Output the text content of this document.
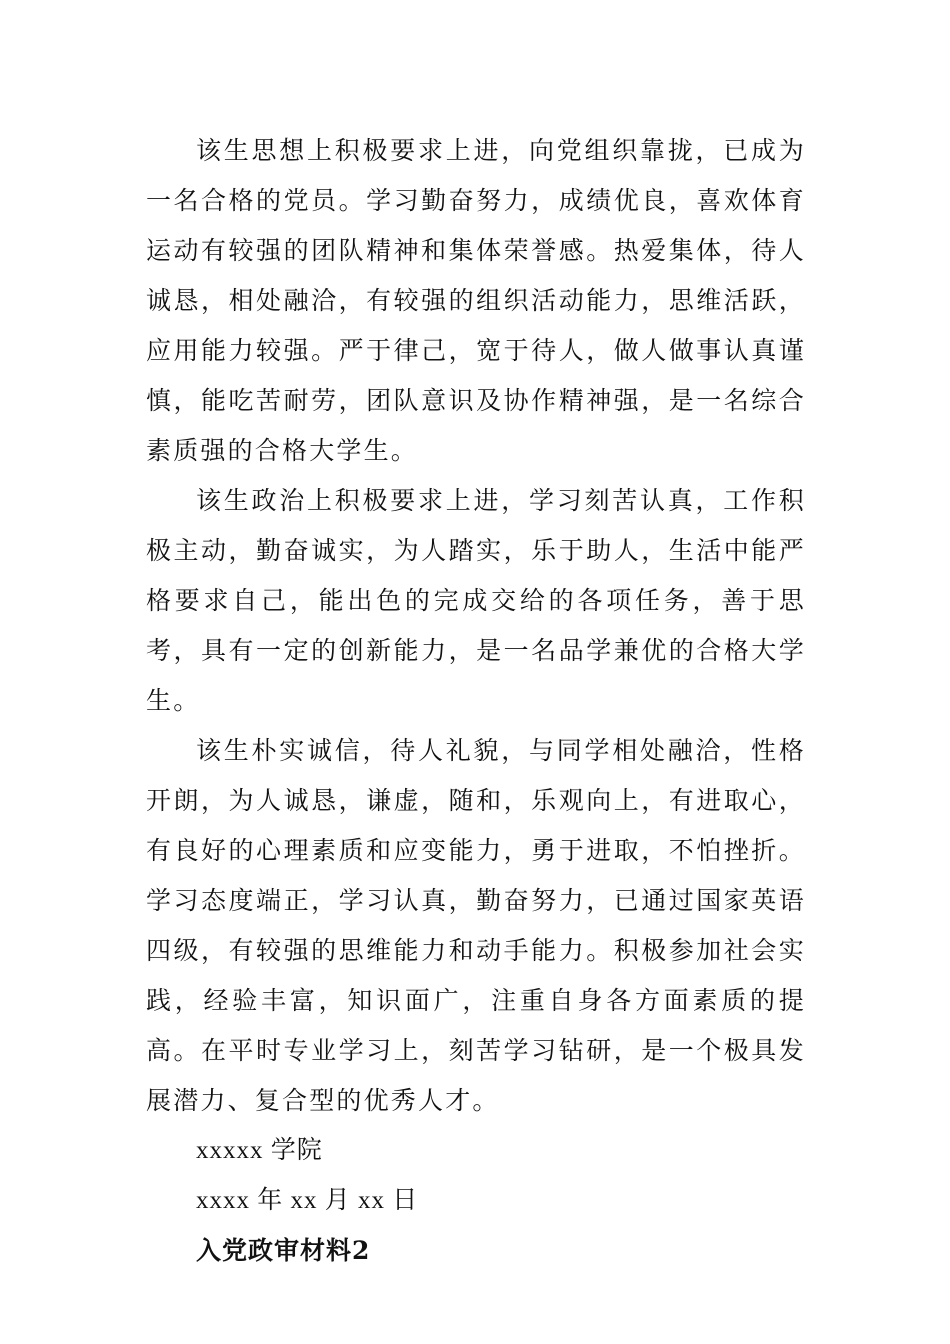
该生思想上积极要求上进，向党组织靠拢，已成为一名合格的党员。学习勤奋努力，成绩优良，喜欢体育运动有较强的团队精神和集体荣誉感。热爱集体，待人诚恳，相处融洽，有较强的组织活动能力，思维活跃，应用能力较强。严于律己，宽于待人，做人做事认真谨慎，能吃苦耐劳，团队意识及协作精神强，是一名综合素质强的合格大学生。

该生政治上积极要求上进，学习刻苦认真，工作积极主动，勤奋诚实，为人踏实，乐于助人，生活中能严格要求自己，能出色的完成交给的各项任务，善于思考，具有一定的创新能力，是一名品学兼优的合格大学生。

该生朴实诚信，待人礼貌，与同学相处融洽，性格开朗，为人诚恳，谦虚，随和，乐观向上，有进取心，有良好的心理素质和应变能力，勇于进取，不怕挫折。学习态度端正，学习认真，勤奋努力，已通过国家英语四级，有较强的思维能力和动手能力。积极参加社会实践，经验丰富，知识面广，注重自身各方面素质的提高。在平时专业学习上，刻苦学习钻研，是一个极具发展潜力、复合型的优秀人才。

xxxxx 学院

xxxx 年 xx 月 xx 日

入党政审材料2
